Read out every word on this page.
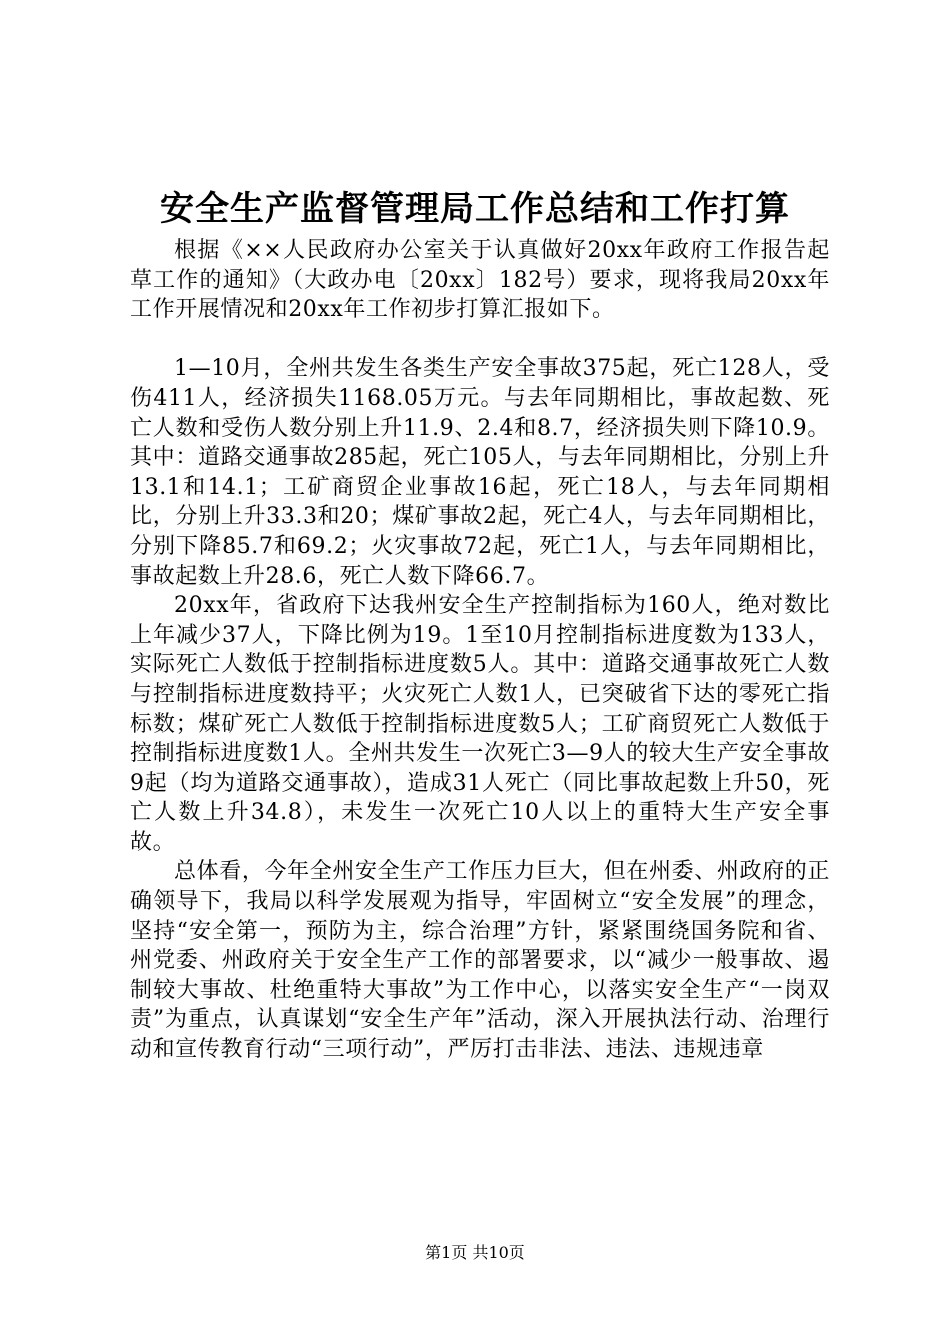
安全生产监督管理局工作总结和工作打算

根据《××人民政府办公室关于认真做好20xx年政府工作报告起草工作的通知》（大政办电〔20xx〕182号）要求，现将我局20xx年工作开展情况和20xx年工作初步打算汇报如下。

1—10月，全州共发生各类生产安全事故375起，死亡128人，受伤411人，经济损失1168.05万元。与去年同期相比，事故起数、死亡人数和受伤人数分别上升11.9、2.4和8.7，经济损失则下降10.9。其中：道路交通事故285起，死亡105人，与去年同期相比，分别上升13.1和14.1；工矿商贸企业事故16起，死亡18人，与去年同期相比，分别上升33.3和20；煤矿事故2起，死亡4人，与去年同期相比，分别下降85.7和69.2；火灾事故72起，死亡1人，与去年同期相比，事故起数上升28.6，死亡人数下降66.7。

20xx年，省政府下达我州安全生产控制指标为160人，绝对数比上年减少37人，下降比例为19。1至10月控制指标进度数为133人，实际死亡人数低于控制指标进度数5人。其中：道路交通事故死亡人数与控制指标进度数持平；火灾死亡人数1人，已突破省下达的零死亡指标数；煤矿死亡人数低于控制指标进度数5人；工矿商贸死亡人数低于控制指标进度数1人。全州共发生一次死亡3—9人的较大生产安全事故9起（均为道路交通事故），造成31人死亡（同比事故起数上升50，死亡人数上升34.8），未发生一次死亡10人以上的重特大生产安全事故。

总体看，今年全州安全生产工作压力巨大，但在州委、州政府的正确领导下，我局以科学发展观为指导，牢固树立“安全发展”的理念，坚持“安全第一，预防为主，综合治理”方针，紧紧围绕国务院和省、州党委、州政府关于安全生产工作的部署要求，以“减少一般事故、遏制较大事故、杜绝重特大事故”为工作中心，以落实安全生产“一岗双责”为重点，认真谋划“安全生产年”活动，深入开展执法行动、治理行动和宣传教育行动“三项行动”，严厉打击非法、违法、违规违章

第1页 共10页
